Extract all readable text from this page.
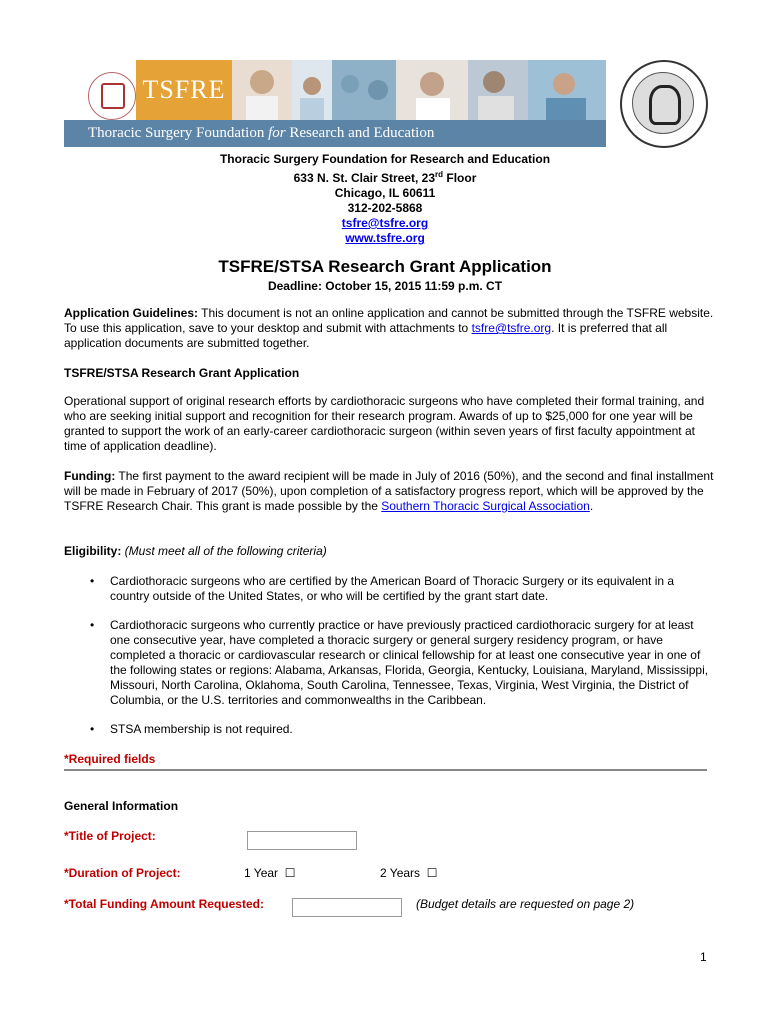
TSFRE
Thoracic Surgery Foundation for Research and Education
Thoracic Surgery Foundation for Research and Education
633 N. St. Clair Street, 23rd Floor
Chicago, IL 60611
312-202-5868
tsfre@tsfre.org
www.tsfre.org
TSFRE/STSA Research Grant Application
Deadline: October 15, 2015 11:59 p.m. CT
Application Guidelines: This document is not an online application and cannot be submitted through the TSFRE website. To use this application, save to your desktop and submit with attachments to tsfre@tsfre.org. It is preferred that all application documents are submitted together.
TSFRE/STSA Research Grant Application
Operational support of original research efforts by cardiothoracic surgeons who have completed their formal training, and who are seeking initial support and recognition for their research program. Awards of up to $25,000 for one year will be granted to support the work of an early-career cardiothoracic surgeon (within seven years of first faculty appointment at time of application deadline).
Funding: The first payment to the award recipient will be made in July of 2016 (50%), and the second and final installment will be made in February of 2017 (50%), upon completion of a satisfactory progress report, which will be approved by the TSFRE Research Chair. This grant is made possible by the Southern Thoracic Surgical Association.
Eligibility: (Must meet all of the following criteria)
• Cardiothoracic surgeons who are certified by the American Board of Thoracic Surgery or its equivalent in a country outside of the United States, or who will be certified by the grant start date.
• Cardiothoracic surgeons who currently practice or have previously practiced cardiothoracic surgery for at least one consecutive year, have completed a thoracic surgery or general surgery residency program, or have completed a thoracic or cardiovascular research or clinical fellowship for at least one consecutive year in one of the following states or regions: Alabama, Arkansas, Florida, Georgia, Kentucky, Louisiana, Maryland, Mississippi, Missouri, North Carolina, Oklahoma, South Carolina, Tennessee, Texas, Virginia, West Virginia, the District of Columbia, or the U.S. territories and commonwealths in the Caribbean.
• STSA membership is not required.
*Required fields
General Information
*Title of Project:
*Duration of Project:	1 Year ☐	2 Years ☐
*Total Funding Amount Requested:	(Budget details are requested on page 2)
1
